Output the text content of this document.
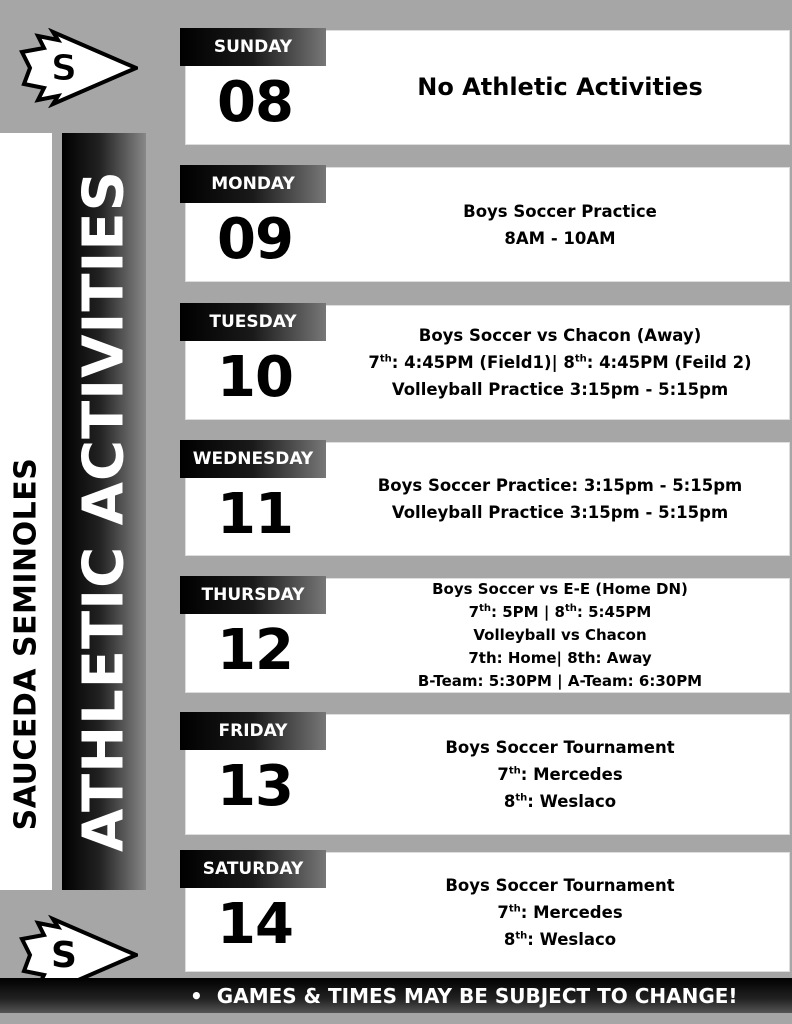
S
SAUCEDA SEMINOLES ATHLETIC ACTIVITIES
S
SUNDAY
08	No Athletic Activities
MONDAY
09	Boys Soccer Practice
8AM - 10AM
TUESDAY
10
Boys Soccer vs Chacon (Away)
7th: 4:45PM (Field1)| 8th: 4:45PM (Feild 2)
Volleyball Practice 3:15pm - 5:15pm
WEDNESDAY
11	Boys Soccer Practice: 3:15pm - 5:15pm
Volleyball Practice 3:15pm - 5:15pm
THURSDAY
12
Boys Soccer vs E-E (Home DN)
7th: 5PM | 8th: 5:45PM
Volleyball vs Chacon
7th: Home| 8th: Away
B-Team: 5:30PM | A-Team: 6:30PM
FRIDAY
13
Boys Soccer Tournament
7th: Mercedes
8th: Weslaco
SATURDAY
14
Boys Soccer Tournament
7th: Mercedes
8th: Weslaco
• GAMES & TIMES MAY BE SUBJECT TO CHANGE!
